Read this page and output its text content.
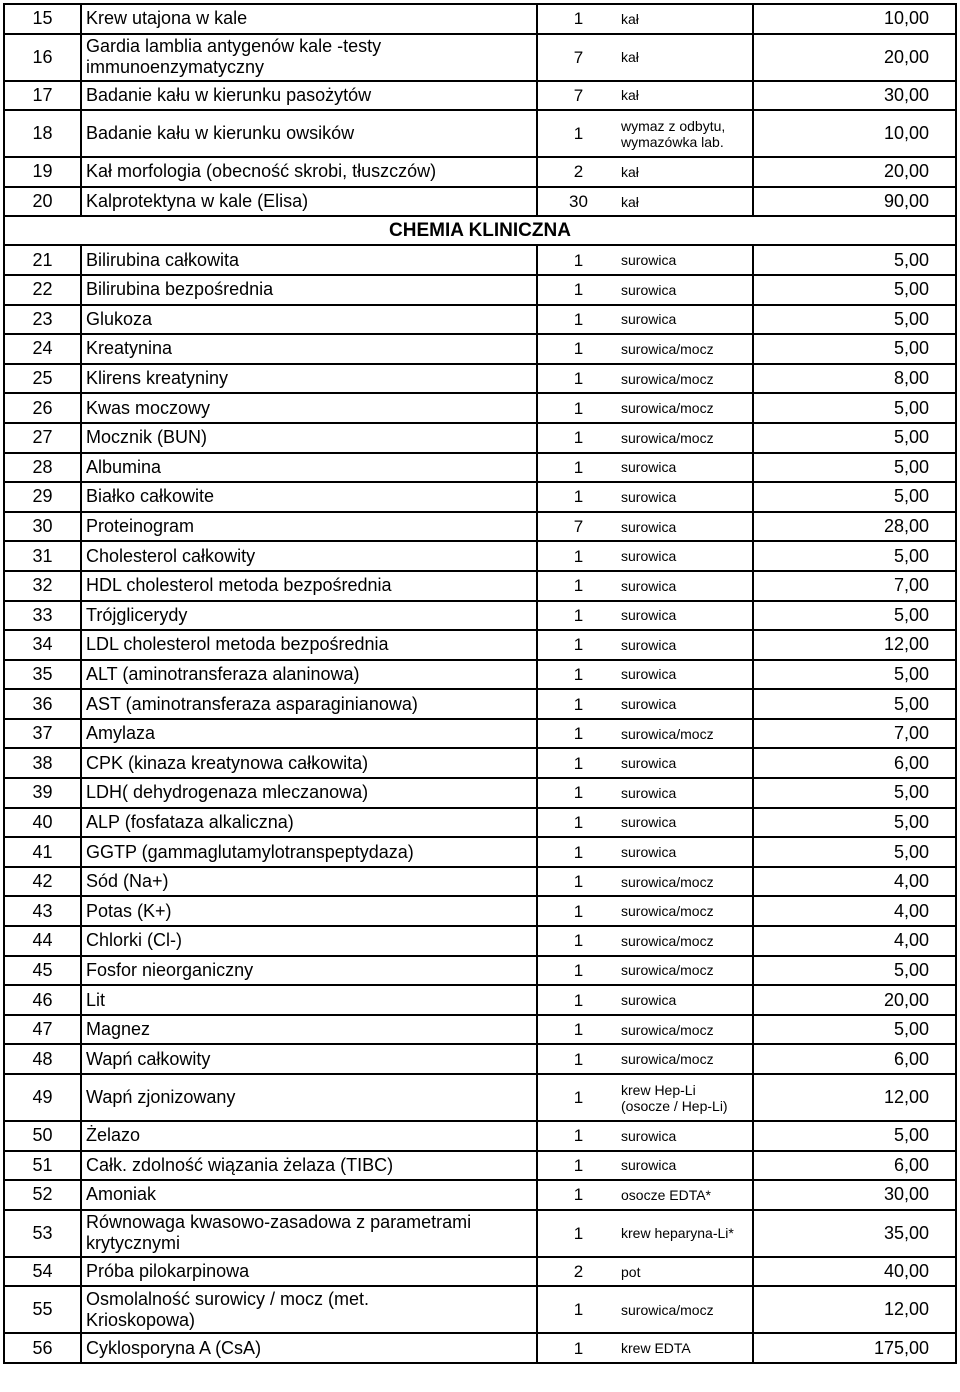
15	Krew utajona w kale	1	kał	10,00
16	Gardia lamblia antygenów kale -testy
immunoenzymatyczny	7	kał	20,00
17	Badanie kału w kierunku pasożytów	7	kał	30,00
18	Badanie kału w kierunku owsików	1	wymaz z odbytu,
wymazówka lab.	10,00
19	Kał morfologia (obecność skrobi, tłuszczów)	2	kał	20,00
20	Kalprotektyna w kale (Elisa)	30	kał	90,00
CHEMIA KLINICZNA				
21	Bilirubina całkowita	1	surowica	5,00
22	Bilirubina bezpośrednia	1	surowica	5,00
23	Glukoza	1	surowica	5,00
24	Kreatynina	1	surowica/mocz	5,00
25	Klirens kreatyniny	1	surowica/mocz	8,00
26	Kwas moczowy	1	surowica/mocz	5,00
27	Mocznik (BUN)	1	surowica/mocz	5,00
28	Albumina	1	surowica	5,00
29	Białko całkowite	1	surowica	5,00
30	Proteinogram	7	surowica	28,00
31	Cholesterol całkowity	1	surowica	5,00
32	HDL cholesterol metoda bezpośrednia	1	surowica	7,00
33	Trójglicerydy	1	surowica	5,00
34	LDL cholesterol metoda bezpośrednia	1	surowica	12,00
35	ALT (aminotransferaza alaninowa)	1	surowica	5,00
36	AST (aminotransferaza asparaginianowa)	1	surowica	5,00
37	Amylaza	1	surowica/mocz	7,00
38	CPK (kinaza kreatynowa całkowita)	1	surowica	6,00
39	LDH( dehydrogenaza mleczanowa)	1	surowica	5,00
40	ALP (fosfataza alkaliczna)	1	surowica	5,00
41	GGTP (gammaglutamylotranspeptydaza)	1	surowica	5,00
42	Sód (Na+)	1	surowica/mocz	4,00
43	Potas (K+)	1	surowica/mocz	4,00
44	Chlorki (Cl-)	1	surowica/mocz	4,00
45	Fosfor nieorganiczny	1	surowica/mocz	5,00
46	Lit	1	surowica	20,00
47	Magnez	1	surowica/mocz	5,00
48	Wapń całkowity	1	surowica/mocz	6,00
49	Wapń zjonizowany	1	krew Hep-Li
(osocze / Hep-Li)	12,00
50	Żelazo	1	surowica	5,00
51	Całk. zdolność wiązania żelaza (TIBC)	1	surowica	6,00
52	Amoniak	1	osocze EDTA*	30,00
53	Równowaga kwasowo-zasadowa z parametrami
krytycznymi	1	krew heparyna-Li*	35,00
54	Próba pilokarpinowa	2	pot	40,00
55	Osmolalność surowicy / mocz (met.
Krioskopowa)	1	surowica/mocz	12,00
56	Cyklosporyna A (CsA)	1	krew EDTA	175,00
